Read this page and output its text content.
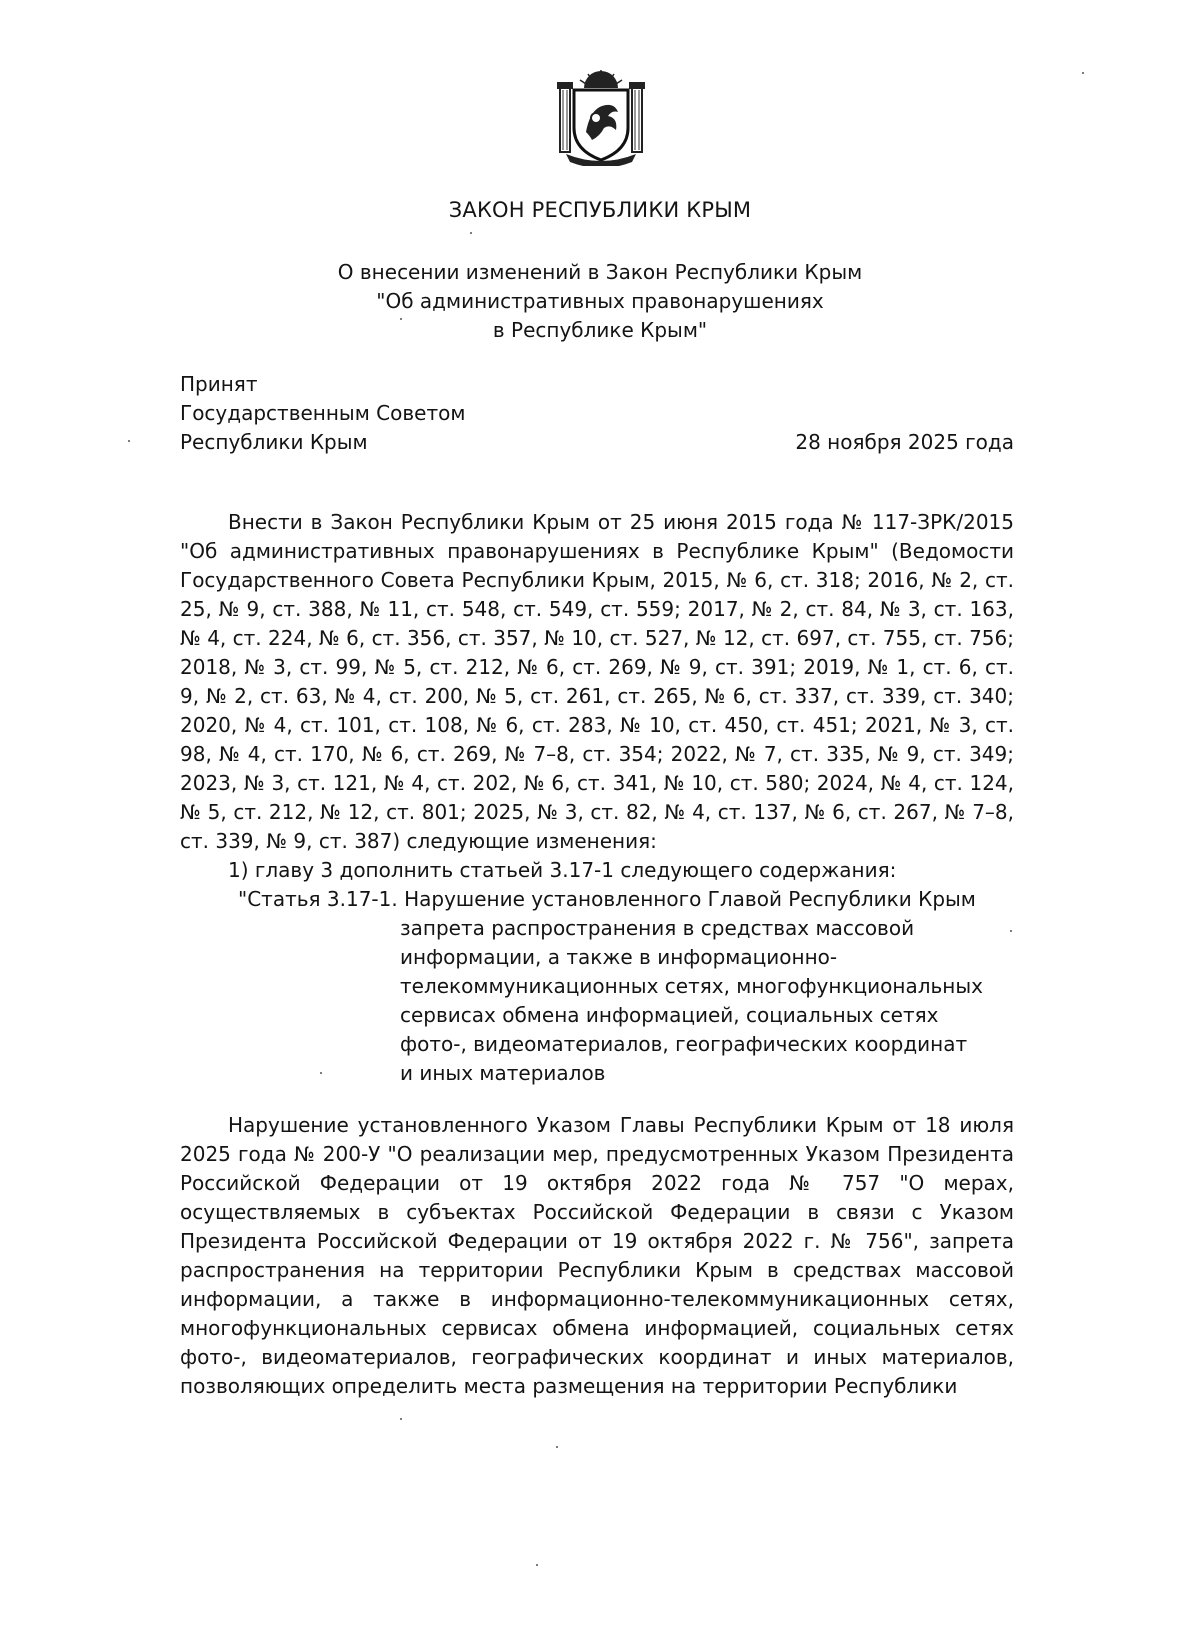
ЗАКОН РЕСПУБЛИКИ КРЫМ
О внесении изменений в Закон Республики Крым
"Об административных правонарушениях
в Республике Крым"
Принят
Государственным Советом
Республики Крым	28 ноября 2025 года
Внести в Закон Республики Крым от 25 июня 2015 года № 117-ЗРК/2015 "Об административных правонарушениях в Республике Крым" (Ведомости Государственного Совета Республики Крым, 2015, № 6, ст. 318; 2016, № 2, ст. 25, № 9, ст. 388, № 11, ст. 548, ст. 549, ст. 559; 2017, № 2, ст. 84, № 3, ст. 163, № 4, ст. 224, № 6, ст. 356, ст. 357, № 10, ст. 527, № 12, ст. 697, ст. 755, ст. 756; 2018, № 3, ст. 99, № 5, ст. 212, № 6, ст. 269, № 9, ст. 391; 2019, № 1, ст. 6, ст. 9, № 2, ст. 63, № 4, ст. 200, № 5, ст. 261, ст. 265, № 6, ст. 337, ст. 339, ст. 340; 2020, № 4, ст. 101, ст. 108, № 6, ст. 283, № 10, ст. 450, ст. 451; 2021, № 3, ст. 98, № 4, ст. 170, № 6, ст. 269, № 7–8, ст. 354; 2022, № 7, ст. 335, № 9, ст. 349; 2023, № 3, ст. 121, № 4, ст. 202, № 6, ст. 341, № 10, ст. 580; 2024, № 4, ст. 124, № 5, ст. 212, № 12, ст. 801; 2025, № 3, ст. 82, № 4, ст. 137, № 6, ст. 267, № 7–8, ст. 339, № 9, ст. 387) следующие изменения:
1) главу 3 дополнить статьей 3.17-1 следующего содержания:
"Статья 3.17-1. Нарушение установленного Главой Республики Крым
запрета распространения в средствах массовой
информации, а также в информационно-
телекоммуникационных сетях, многофункциональных
сервисах обмена информацией, социальных сетях
фото-, видеоматериалов, географических координат
и иных материалов
Нарушение установленного Указом Главы Республики Крым от 18 июля 2025 года № 200-У "О реализации мер, предусмотренных Указом Президента Российской Федерации от 19 октября 2022 года № 757 "О мерах, осуществляемых в субъектах Российской Федерации в связи с Указом Президента Российской Федерации от 19 октября 2022 г. № 756", запрета распространения на территории Республики Крым в средствах массовой информации, а также в информационно-телекоммуникационных сетях, многофункциональных сервисах обмена информацией, социальных сетях фото-, видеоматериалов, географических координат и иных материалов, позволяющих определить места размещения на территории Республики
